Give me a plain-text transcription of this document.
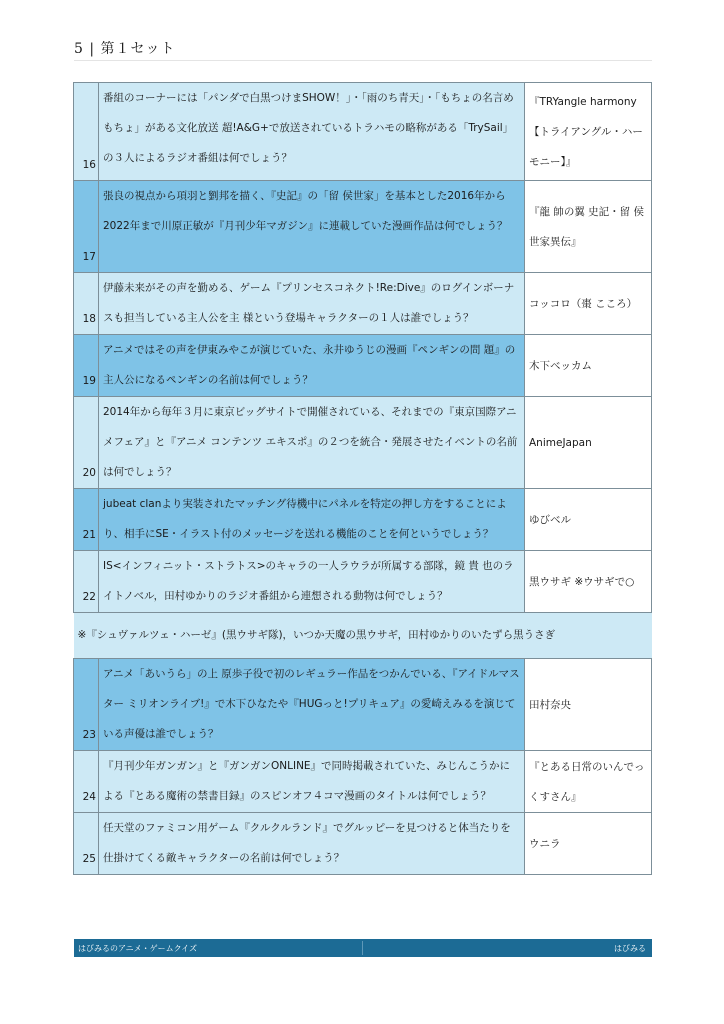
5 | 第１セット
16	番組のコーナーには「パンダで白黒つけまSHOW！」・「雨のち青天」・「もちょの名言めもちょ」がある文化放送 超!A&G+で放送されているトラハモの略称がある「TrySail」の３人によるラジオ番組は何でしょう？	『TRYangle harmony【トライアングル・ハーモニー】』
17	張良の視点から項羽と劉邦を描く、『史記』の「留 侯世家」を基本とした2016年から2022年まで川原正敏が『月刊少年マガジン』に連載していた漫画作品は何でしょう？	『龍 帥の翼 史記・留 侯世家異伝』
18	伊藤未来がその声を勤める、ゲーム『プリンセスコネクト!Re:Dive』のログインボーナスも担当している主人公を主 様という登場キャラクターの１人は誰でしょう？	コッコロ（棗 こころ）
19	アニメではその声を伊東みやこが演じていた、永井ゆうじの漫画『ペンギンの問 題』の主人公になるペンギンの名前は何でしょう？	木下ベッカム
20	2014年から毎年３月に東京ビッグサイトで開催されている、それまでの『東京国際アニメフェア』と『アニメ コンテンツ エキスポ』の２つを統合・発展させたイベントの名前は何でしょう？	AnimeJapan
21	jubeat clanより実装されたマッチング待機中にパネルを特定の押し方をすることにより、相手にSE・イラスト付のメッセージを送れる機能のことを何というでしょう？	ゆびベル
22	IS<インフィニット・ストラトス>のキャラの一人ラウラが所属する部隊，鏡 貴 也のライトノベル，田村ゆかりのラジオ番組から連想される動物は何でしょう？	黒ウサギ ※ウサギで○
※『シュヴァルツェ・ハーゼ』(黒ウサギ隊)，いつか天魔の黒ウサギ，田村ゆかりのいたずら黒うさぎ		
23	アニメ「あいうら」の上 原歩子役で初のレギュラー作品をつかんでいる、『アイドルマスター ミリオンライブ!』で木下ひなたや『HUGっと!プリキュア』の愛崎えみるを演じている声優は誰でしょう？	田村奈央
24	『月刊少年ガンガン』と『ガンガンONLINE』で同時掲載されていた、みじんこうかによる『とある魔術の禁書目録』のスピンオフ４コマ漫画のタイトルは何でしょう？	『とある日常のいんでっくすさん』
25	任天堂のファミコン用ゲーム『クルクルランド』でグルッピーを見つけると体当たりを仕掛けてくる敵キャラクターの名前は何でしょう？	ウニラ
はびみるのアニメ・ゲームクイズ	はびみる
